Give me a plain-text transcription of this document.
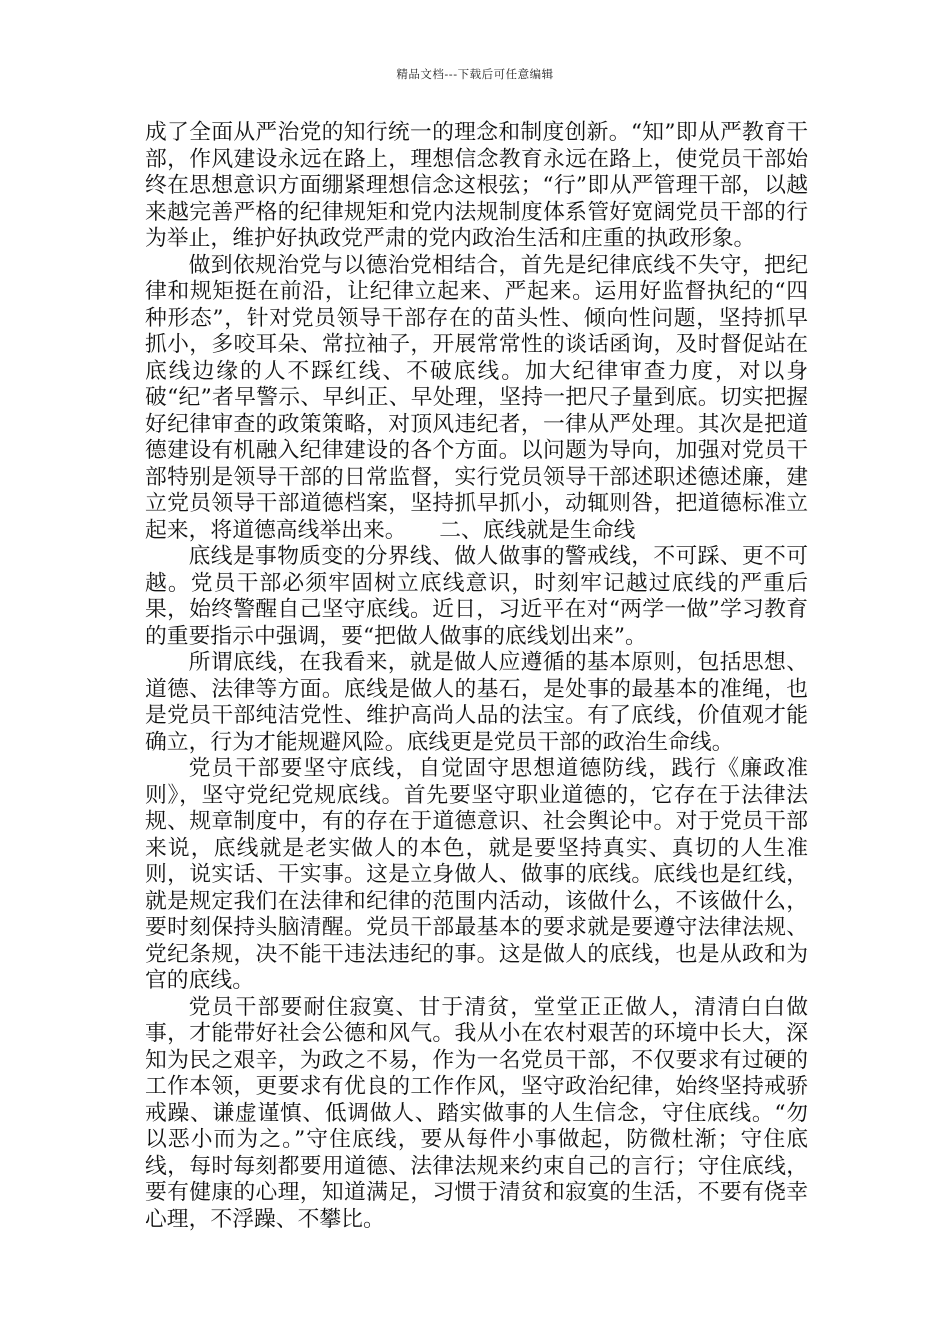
精品文档---下载后可任意编辑

成了全面从严治党的知行统一的理念和制度创新。“知”即从严教育干部，作风建设永远在路上，理想信念教育永远在路上，使党员干部始终在思想意识方面绷紧理想信念这根弦；“行”即从严管理干部，以越来越完善严格的纪律规矩和党内法规制度体系管好宽阔党员干部的行为举止，维护好执政党严肃的党内政治生活和庄重的执政形象。

做到依规治党与以德治党相结合，首先是纪律底线不失守，把纪律和规矩挺在前沿，让纪律立起来、严起来。运用好监督执纪的“四种形态”，针对党员领导干部存在的苗头性、倾向性问题，坚持抓早抓小，多咬耳朵、常拉袖子，开展常常性的谈话函询，及时督促站在底线边缘的人不踩红线、不破底线。加大纪律审查力度，对以身破“纪”者早警示、早纠正、早处理，坚持一把尺子量到底。切实把握好纪律审查的政策策略，对顶风违纪者，一律从严处理。其次是把道德建设有机融入纪律建设的各个方面。以问题为导向，加强对党员干部特别是领导干部的日常监督，实行党员领导干部述职述德述廉，建立党员领导干部道德档案，坚持抓早抓小，动辄则咎，把道德标准立起来，将道德高线举出来。　　二、底线就是生命线

底线是事物质变的分界线、做人做事的警戒线，不可踩、更不可越。党员干部必须牢固树立底线意识，时刻牢记越过底线的严重后果，始终警醒自己坚守底线。近日，习近平在对“两学一做”学习教育的重要指示中强调，要“把做人做事的底线划出来”。

所谓底线，在我看来，就是做人应遵循的基本原则，包括思想、道德、法律等方面。底线是做人的基石，是处事的最基本的准绳，也是党员干部纯洁党性、维护高尚人品的法宝。有了底线，价值观才能确立，行为才能规避风险。底线更是党员干部的政治生命线。

党员干部要坚守底线，自觉固守思想道德防线，践行《廉政准则》，坚守党纪党规底线。首先要坚守职业道德的，它存在于法律法规、规章制度中，有的存在于道德意识、社会舆论中。对于党员干部来说，底线就是老实做人的本色，就是要坚持真实、真切的人生准则，说实话、干实事。这是立身做人、做事的底线。底线也是红线，就是规定我们在法律和纪律的范围内活动，该做什么，不该做什么，要时刻保持头脑清醒。党员干部最基本的要求就是要遵守法律法规、党纪条规，决不能干违法违纪的事。这是做人的底线，也是从政和为官的底线。

党员干部要耐住寂寞、甘于清贫，堂堂正正做人，清清白白做事，才能带好社会公德和风气。我从小在农村艰苦的环境中长大，深知为民之艰辛，为政之不易，作为一名党员干部，不仅要求有过硬的工作本领，更要求有优良的工作作风，坚守政治纪律，始终坚持戒骄戒躁、谦虚谨慎、低调做人、踏实做事的人生信念，守住底线。“勿以恶小而为之。”守住底线，要从每件小事做起，防微杜渐；守住底线，每时每刻都要用道德、法律法规来约束自己的言行；守住底线，要有健康的心理，知道满足，习惯于清贫和寂寞的生活，不要有侥幸心理，不浮躁、不攀比。
